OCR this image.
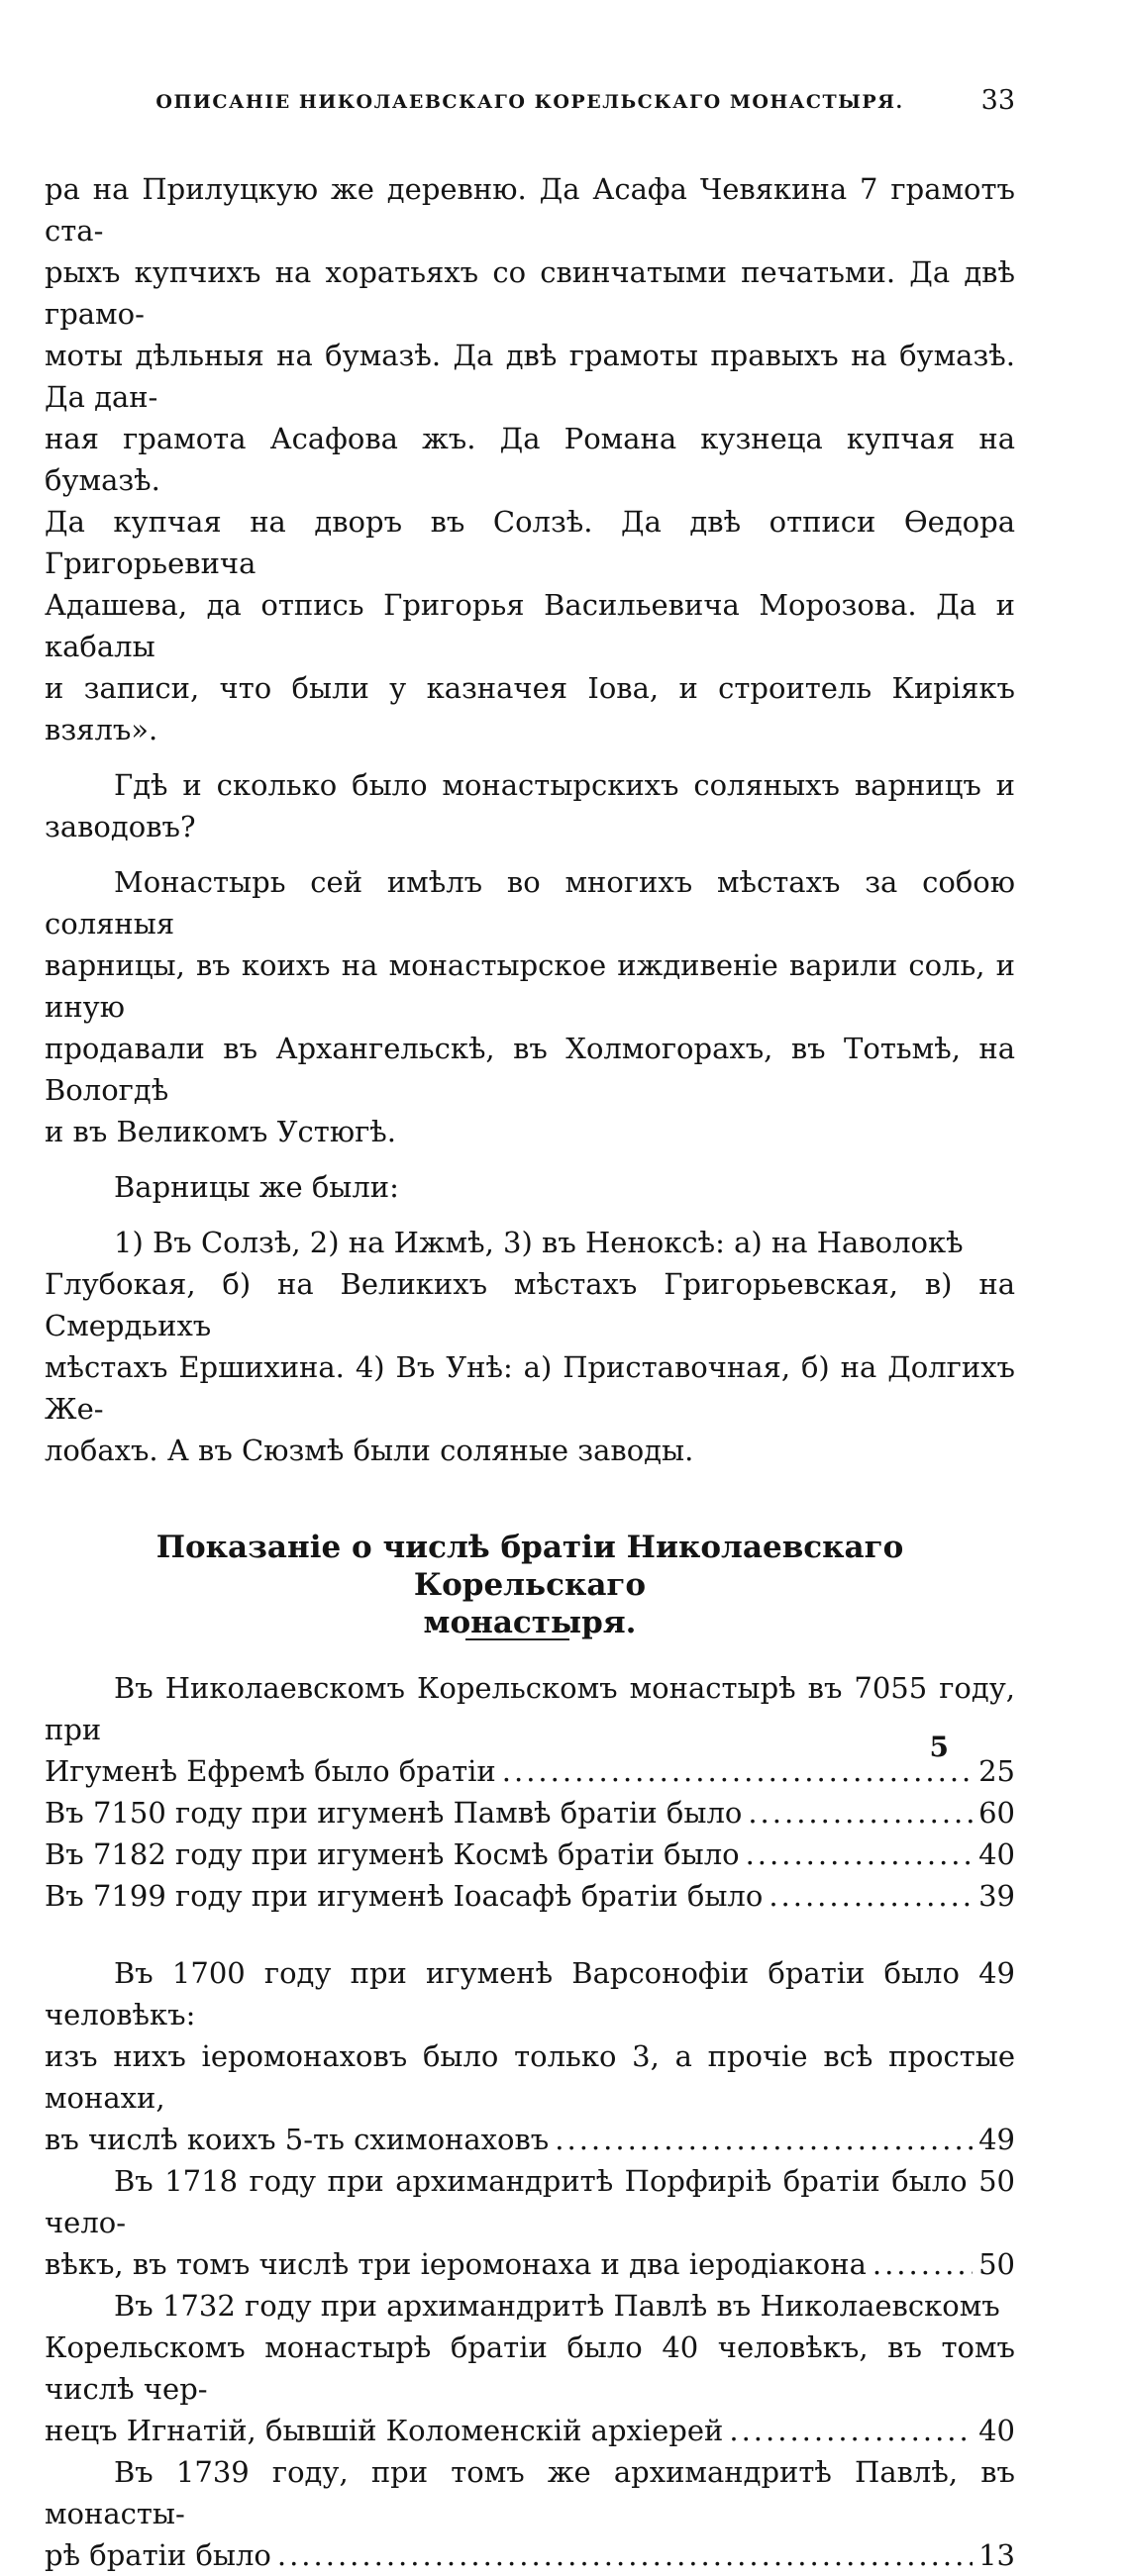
ОПИСАНІЕ НИКОЛАЕВСКАГО КОРЕЛЬСКАГО МОНАСТЫРЯ.	33

ра на Прилуцкую же деревню. Да Асафа Чевякина 7 грамотъ ста-

рыхъ купчихъ на хоратьяхъ со свинчатыми печатьми. Да двѣ грамо-

моты дѣльныя на бумазѣ. Да двѣ грамоты правыхъ на бумазѣ. Да дан-

ная грамота Асафова жъ. Да Романа кузнеца купчая на бумазѣ.

Да купчая на дворъ въ Солзѣ. Да двѣ отписи Ѳедора Григорьевича

Адашева, да отпись Григорья Васильевича Морозова. Да и кабалы

и записи, что были у казначея Іова, и строитель Киріякъ взялъ».

Гдѣ и сколько было монастырскихъ соляныхъ варницъ и заводовъ?

Монастырь сей имѣлъ во многихъ мѣстахъ за собою соляныя

варницы, въ коихъ на монастырское иждивеніе варили соль, и иную

продавали въ Архангельскѣ, въ Холмогорахъ, въ Тотьмѣ, на Вологдѣ

и въ Великомъ Устюгѣ.

Варницы же были:

1) Въ Солзѣ, 2) на Ижмѣ, 3) въ Неноксѣ: а) на Наволокѣ

Глубокая, б) на Великихъ мѣстахъ Григорьевская, в) на Смердьихъ

мѣстахъ Ершихина. 4) Въ Унѣ: а) Приставочная, б) на Долгихъ Же-

лобахъ. А въ Сюзмѣ были соляные заводы.

Показаніе о числѣ братіи Николаевскаго Корельскаго
монастыря.

Въ Николаевскомъ Корельскомъ монастырѣ въ 7055 году, при

Игуменѣ Ефремѣ было братіи .....	25
Въ 7150 году при игуменѣ Памвѣ братіи было .....	60
Въ 7182 году при игуменѣ Космѣ братіи было .....	40
Въ 7199 году при игуменѣ Іоасафѣ братіи было .....	39

Въ 1700 году при игуменѣ Варсонофіи братіи было 49 человѣкъ:

изъ нихъ іеромонаховъ было только 3, а прочіе всѣ простые монахи,

въ числѣ коихъ 5-ть схимонаховъ .....	49

Въ 1718 году при архимандритѣ Порфиріѣ братіи было 50 чело-

вѣкъ, въ томъ числѣ три іеромонаха и два іеродіакона .....	50

Въ 1732 году при архимандритѣ Павлѣ въ Николаевскомъ

Корельскомъ монастырѣ братіи было 40 человѣкъ, въ томъ числѣ чер-

нецъ Игнатій, бывшій Коломенскій архіерей .....	40

Въ 1739 году, при томъ же архимандритѣ Павлѣ, въ монасты-

рѣ братіи было .....	13
5
